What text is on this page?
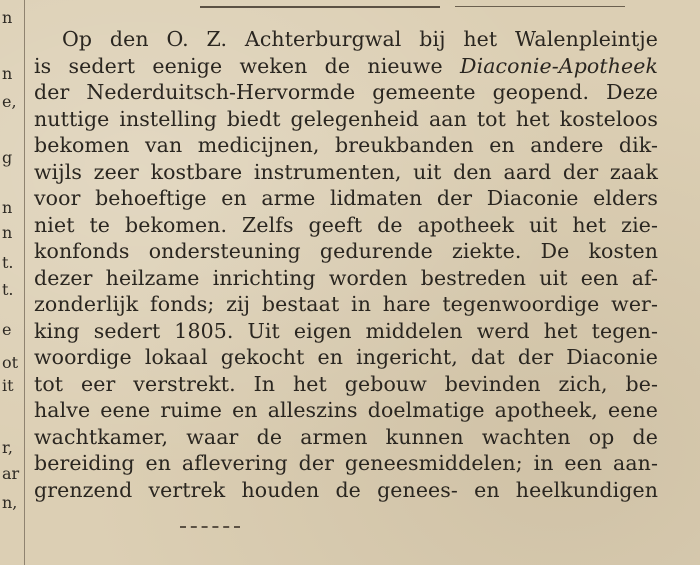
n
n
e,
g
n
n
t.
t.
e
ot
it
r,
ar
n,
Op den O. Z. Achterburgwal bij het Walenpleintje
is sedert eenige weken de nieuwe Diaconie-Apotheek
der Nederduitsch-Hervormde gemeente geopend. Deze
nuttige instelling biedt gelegenheid aan tot het kosteloos
bekomen van medicijnen, breukbanden en andere dik-
wijls zeer kostbare instrumenten, uit den aard der zaak
voor behoeftige en arme lidmaten der Diaconie elders
niet te bekomen. Zelfs geeft de apotheek uit het zie-
konfonds ondersteuning gedurende ziekte. De kosten
dezer heilzame inrichting worden bestreden uit een af-
zonderlijk fonds; zij bestaat in hare tegenwoordige wer-
king sedert 1805. Uit eigen middelen werd het tegen-
woordige lokaal gekocht en ingericht, dat der Diaconie
tot eer verstrekt. In het gebouw bevinden zich, be-
halve eene ruime en alleszins doelmatige apotheek, eene
wachtkamer, waar de armen kunnen wachten op de
bereiding en aflevering der geneesmiddelen; in een aan-
grenzend vertrek houden de genees- en heelkundigen
